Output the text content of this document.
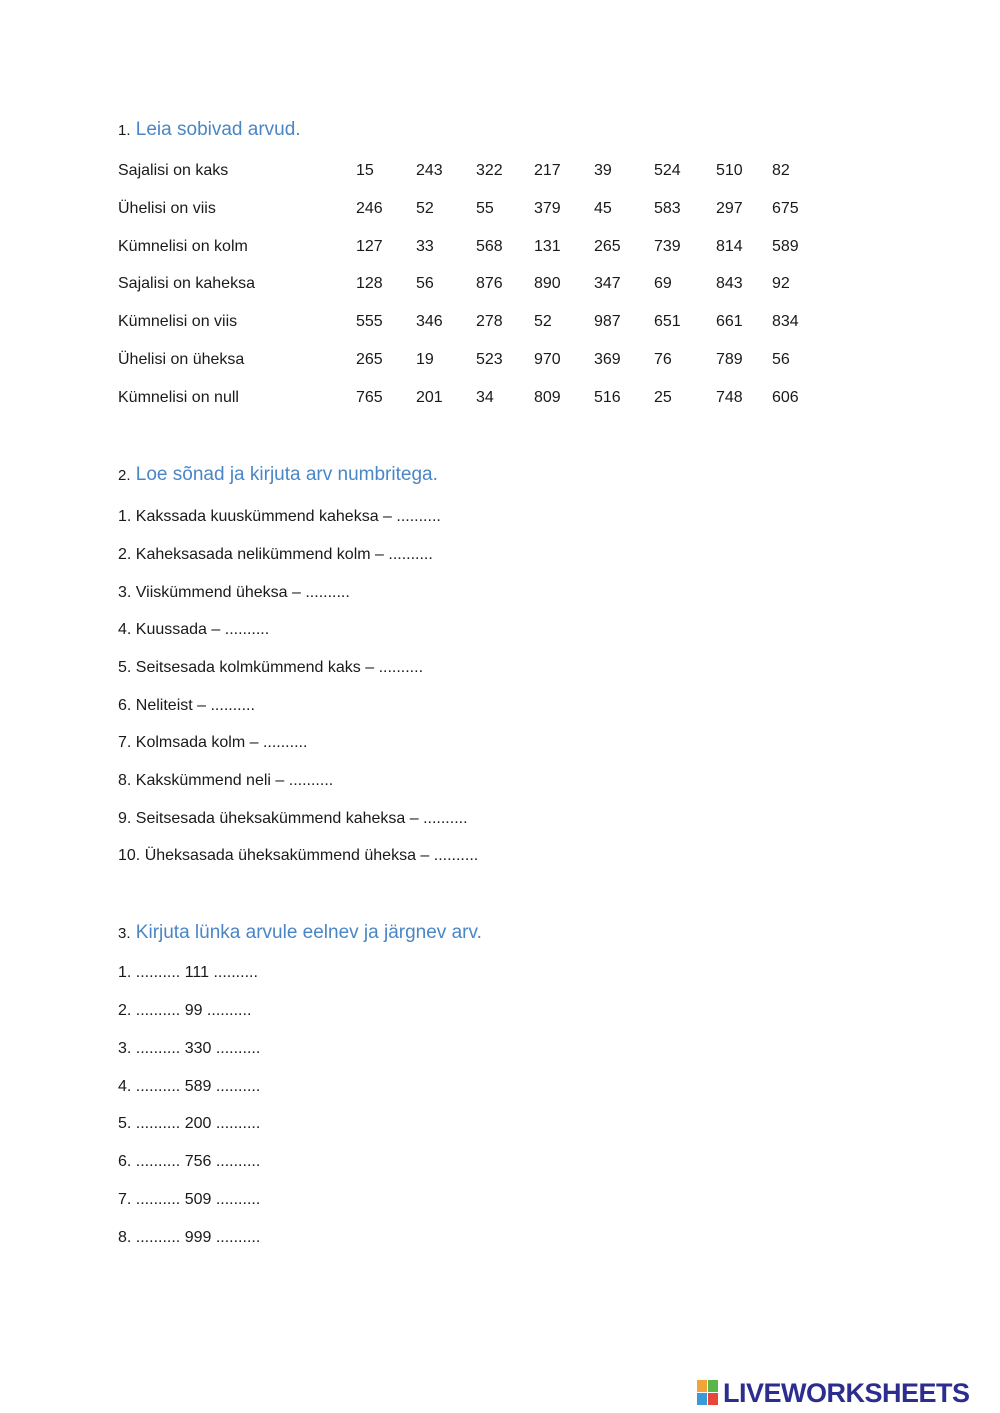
1. Leia sobivad arvud.
Sajalisi on kaks	15	243 322 217 39	524 510 82
Ühelisi on viis	246 52	55	379 45	583 297 675
Kümnelisi on kolm	127 33	568 131 265 739 814 589
Sajalisi on kaheksa	128 56	876 890 347 69	843 92
Kümnelisi on viis	555 346 278 52	987 651 661 834
Ühelisi on üheksa	265 19	523 970 369 76	789 56
Kümnelisi on null	765 201 34	809 516 25	748 606
2. Loe sõnad ja kirjuta arv numbritega.
1. Kakssada kuuskümmend kaheksa – ..........
2. Kaheksasada nelikümmend kolm – ..........
3. Viiskümmend üheksa – ..........
4. Kuussada – ..........
5. Seitsesada kolmkümmend kaks – ..........
6. Neliteist – ..........
7. Kolmsada kolm – ..........
8. Kakskümmend neli – ..........
9. Seitsesada üheksakümmend kaheksa – ..........
10. Üheksasada üheksakümmend üheksa – ..........
3. Kirjuta lünka arvule eelnev ja järgnev arv.
1. .......... 111 ..........
2. .......... 99 ..........
3. .......... 330 ..........
4. .......... 589 ..........
5. .......... 200 ..........
6. .......... 756 ..........
7. .......... 509 ..........
8. .......... 999 ..........
LIVEWORKSHEETS
